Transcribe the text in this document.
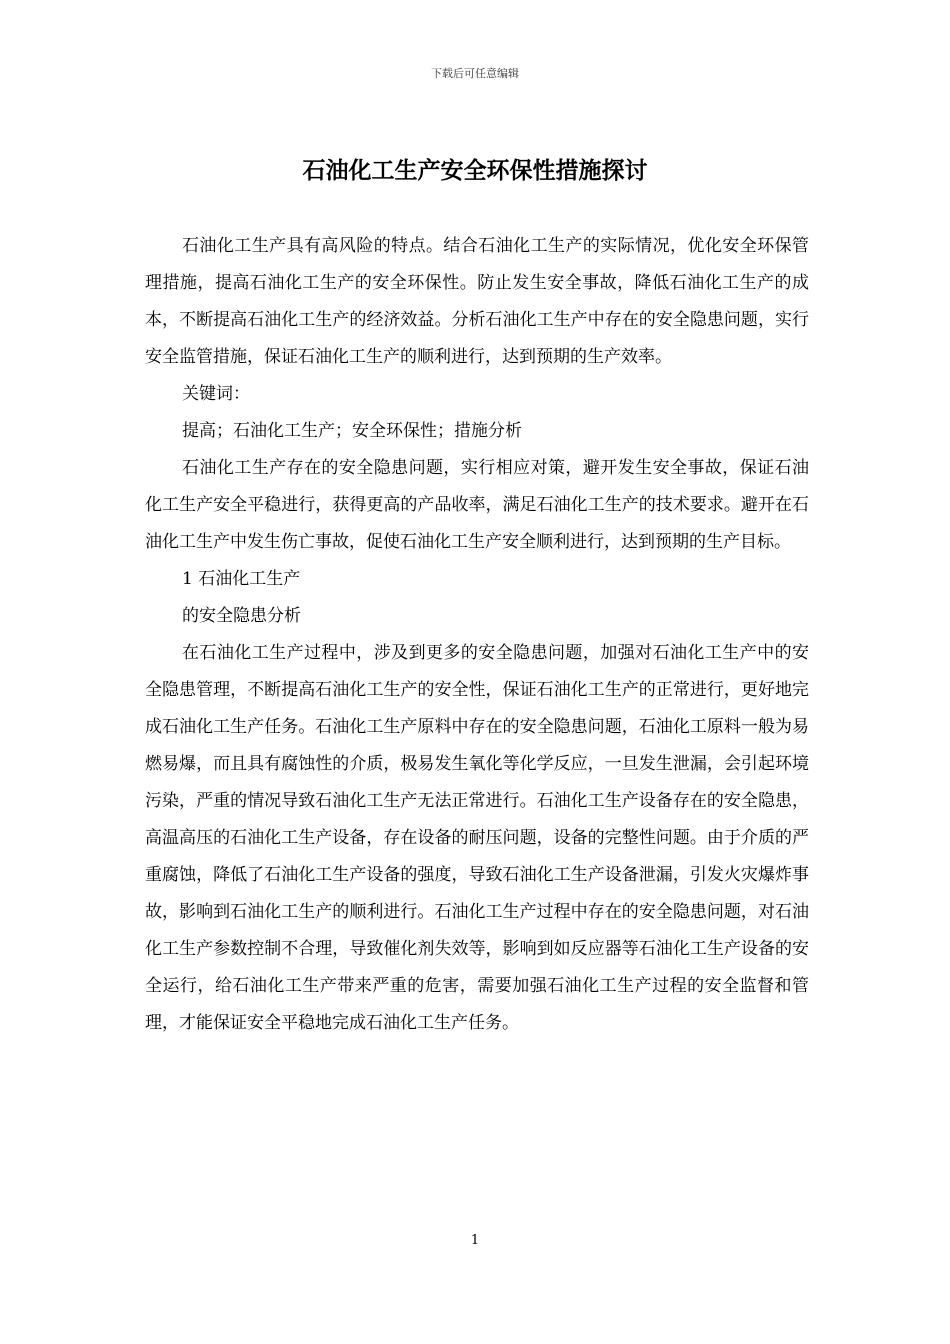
下载后可任意编辑
石油化工生产安全环保性措施探讨

石油化工生产具有高风险的特点。结合石油化工生产的实际情况，优化安全环保管理措施，提高石油化工生产的安全环保性。防止发生安全事故，降低石油化工生产的成本，不断提高石油化工生产的经济效益。分析石油化工生产中存在的安全隐患问题，实行安全监管措施，保证石油化工生产的顺利进行，达到预期的生产效率。

关键词：

提高；石油化工生产；安全环保性；措施分析

石油化工生产存在的安全隐患问题，实行相应对策，避开发生安全事故，保证石油化工生产安全平稳进行，获得更高的产品收率，满足石油化工生产的技术要求。避开在石油化工生产中发生伤亡事故，促使石油化工生产安全顺利进行，达到预期的生产目标。

1 石油化工生产

的安全隐患分析

在石油化工生产过程中，涉及到更多的安全隐患问题，加强对石油化工生产中的安全隐患管理，不断提高石油化工生产的安全性，保证石油化工生产的正常进行，更好地完成石油化工生产任务。石油化工生产原料中存在的安全隐患问题，石油化工原料一般为易燃易爆，而且具有腐蚀性的介质，极易发生氧化等化学反应，一旦发生泄漏，会引起环境污染，严重的情况导致石油化工生产无法正常进行。石油化工生产设备存在的安全隐患，高温高压的石油化工生产设备，存在设备的耐压问题，设备的完整性问题。由于介质的严重腐蚀，降低了石油化工生产设备的强度，导致石油化工生产设备泄漏，引发火灾爆炸事故，影响到石油化工生产的顺利进行。石油化工生产过程中存在的安全隐患问题，对石油化工生产参数控制不合理，导致催化剂失效等，影响到如反应器等石油化工生产设备的安全运行，给石油化工生产带来严重的危害，需要加强石油化工生产过程的安全监督和管理，才能保证安全平稳地完成石油化工生产任务。

1
